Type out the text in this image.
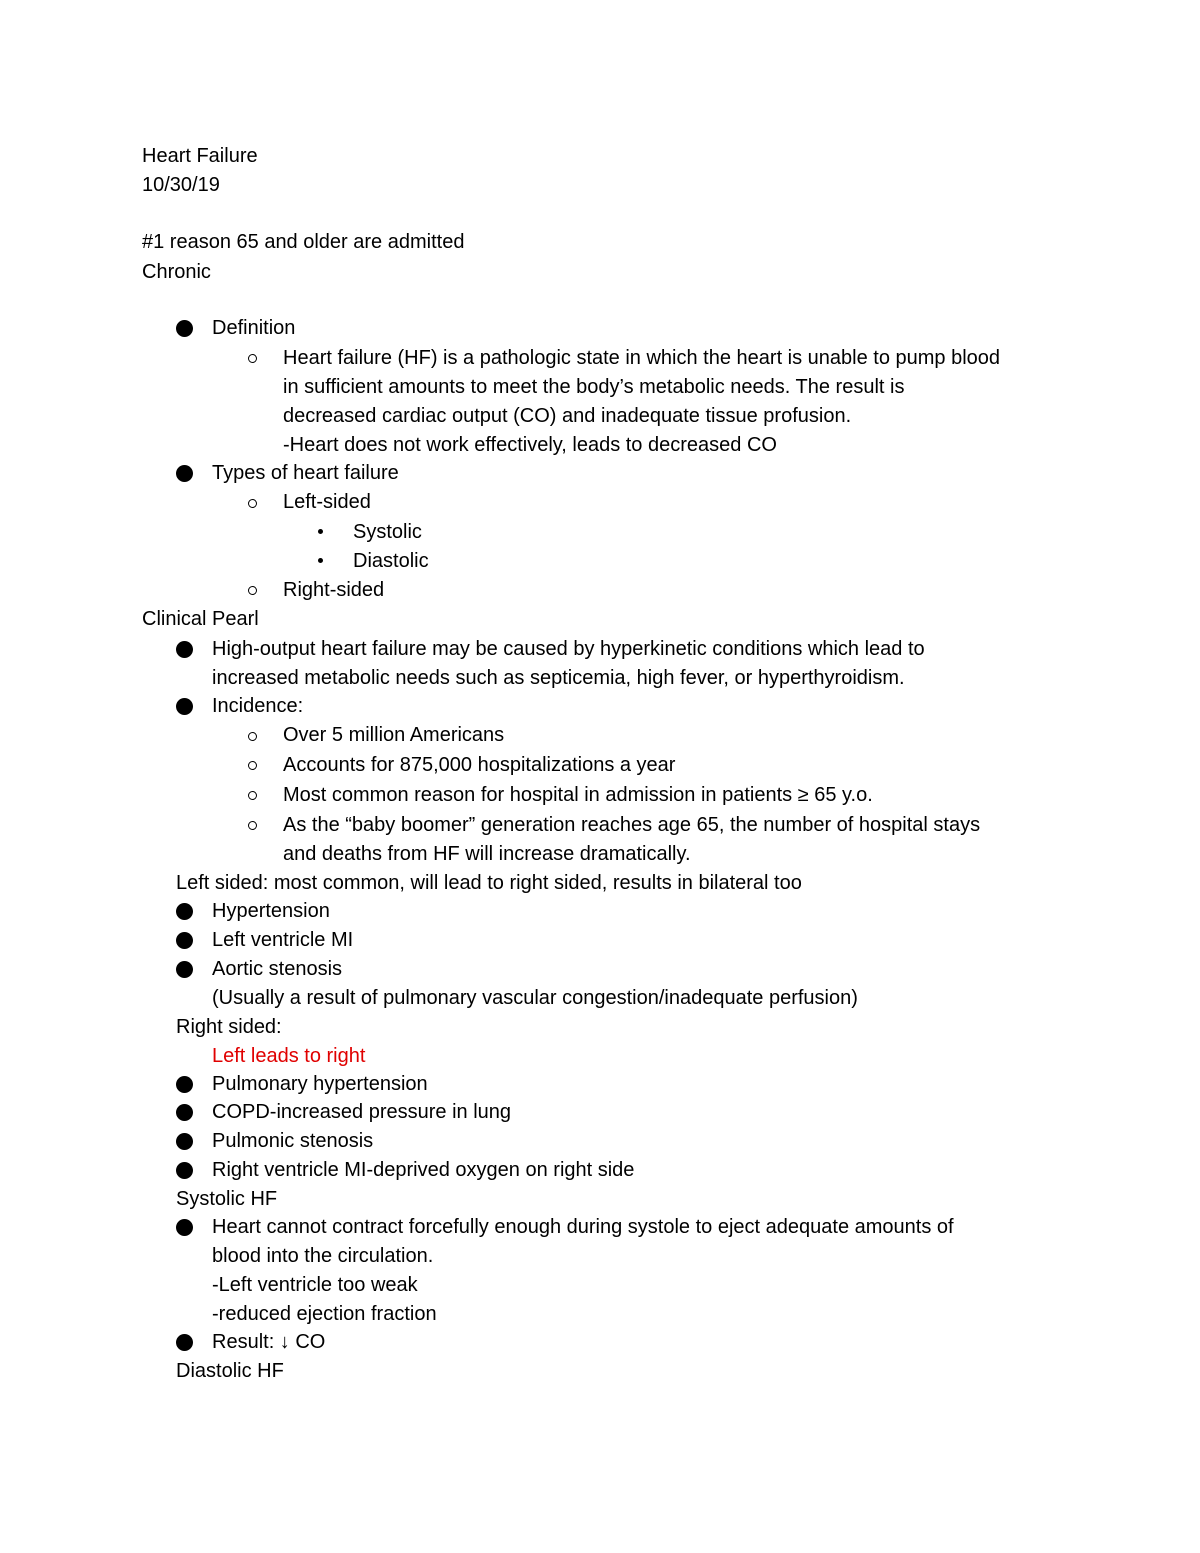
Heart Failure
10/30/19
#1 reason 65 and older are admitted
Chronic
Definition
Heart failure (HF) is a pathologic state in which the heart is unable to pump blood
in sufficient amounts to meet the body’s metabolic needs. The result is
decreased cardiac output (CO) and inadequate tissue profusion.
-Heart does not work effectively, leads to decreased CO
Types of heart failure
Left-sided
Systolic
Diastolic
Right-sided
Clinical Pearl
High-output heart failure may be caused by hyperkinetic conditions which lead to
increased metabolic needs such as septicemia, high fever, or hyperthyroidism.
Incidence:
Over 5 million Americans
Accounts for 875,000 hospitalizations a year
Most common reason for hospital in admission in patients ≥ 65 y.o.
As the “baby boomer” generation reaches age 65, the number of hospital stays
and deaths from HF will increase dramatically.
Left sided: most common, will lead to right sided, results in bilateral too
Hypertension
Left ventricle MI
Aortic stenosis
(Usually a result of pulmonary vascular congestion/inadequate perfusion)
Right sided:
Left leads to right
Pulmonary hypertension
COPD-increased pressure in lung
Pulmonic stenosis
Right ventricle MI-deprived oxygen on right side
Systolic HF
Heart cannot contract forcefully enough during systole to eject adequate amounts of
blood into the circulation.
-Left ventricle too weak
-reduced ejection fraction
Result: ↓ CO
Diastolic HF
